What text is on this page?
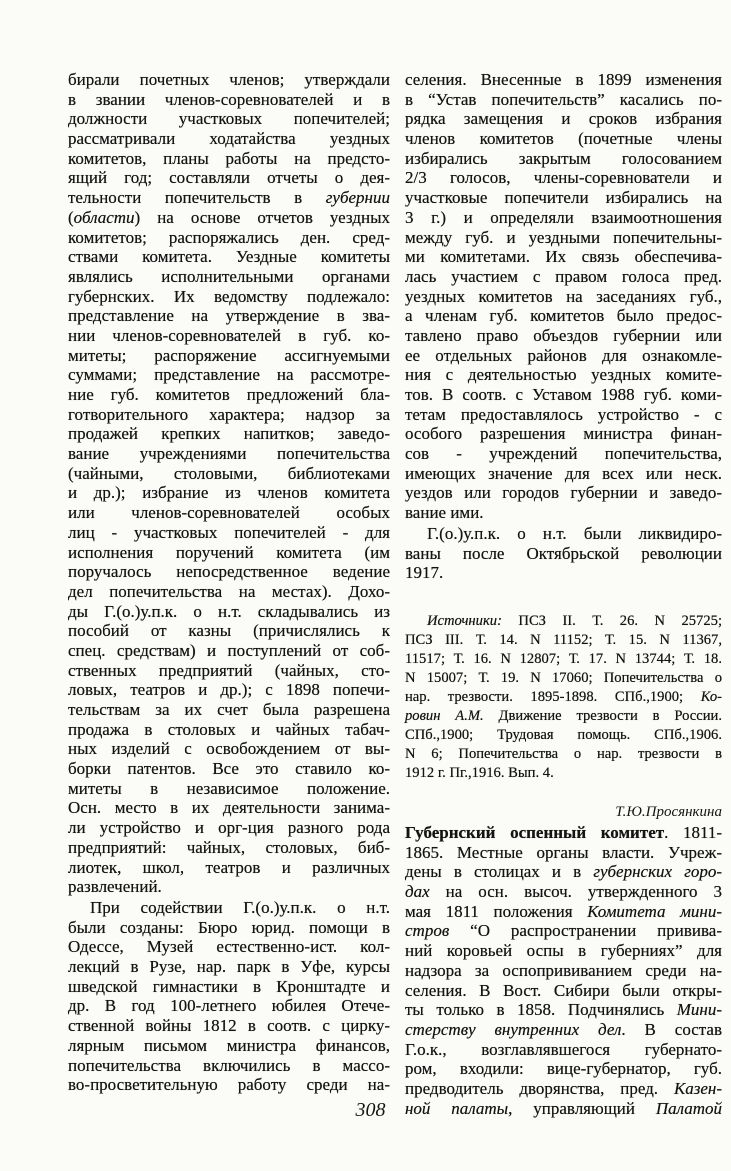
бирали почетных членов; утверждали
в звании членов-соревнователей и в
должности участковых попечителей;
рассматривали ходатайства уездных
комитетов, планы работы на предсто-
ящий год; составляли отчеты о дея-
тельности попечительств в губернии
(области) на основе отчетов уездных
комитетов; распоряжались ден. сред-
ствами комитета. Уездные комитеты
являлись исполнительными органами
губернских. Их ведомству подлежало:
представление на утверждение в зва-
нии членов-соревнователей в губ. ко-
митеты; распоряжение ассигнуемыми
суммами; представление на рассмотре-
ние губ. комитетов предложений бла-
готворительного характера; надзор за
продажей крепких напитков; заведо-
вание учреждениями попечительства
(чайными, столовыми, библиотеками
и др.); избрание из членов комитета
или членов-соревнователей особых
лиц - участковых попечителей - для
исполнения поручений комитета (им
поручалось непосредственное ведение
дел попечительства на местах). Дохо-
ды Г.(о.)у.п.к. о н.т. складывались из
пособий от казны (причислялись к
спец. средствам) и поступлений от соб-
ственных предприятий (чайных, сто-
ловых, театров и др.); с 1898 попечи-
тельствам за их счет была разрешена
продажа в столовых и чайных табач-
ных изделий с освобождением от вы-
борки патентов. Все это ставило ко-
митеты в независимое положение.
Осн. место в их деятельности занима-
ли устройство и орг-ция разного рода
предприятий: чайных, столовых, биб-
лиотек, школ, театров и различных
развлечений.
При содействии Г.(о.)у.п.к. о н.т.
были созданы: Бюро юрид. помощи в
Одессе, Музей естественно-ист. кол-
лекций в Рузе, нар. парк в Уфе, курсы
шведской гимнастики в Кронштадте и
др. В год 100-летнего юбилея Отече-
ственной войны 1812 в соотв. с цирку-
лярным письмом министра финансов,
попечительства включились в массо-
во-просветительную работу среди на-
селения. Внесенные в 1899 изменения
в “Устав попечительств” касались по-
рядка замещения и сроков избрания
членов комитетов (почетные члены
избирались закрытым голосованием
2/3 голосов, члены-соревнователи и
участковые попечители избирались на
3 г.) и определяли взаимоотношения
между губ. и уездными попечительны-
ми комитетами. Их связь обеспечива-
лась участием с правом голоса пред.
уездных комитетов на заседаниях губ.,
а членам губ. комитетов было предос-
тавлено право объездов губернии или
ее отдельных районов для ознакомле-
ния с деятельностью уездных комите-
тов. В соотв. с Уставом 1988 губ. коми-
тетам предоставлялось устройство - с
особого разрешения министра финан-
сов - учреждений попечительства,
имеющих значение для всех или неск.
уездов или городов губернии и заведо-
вание ими.
Г.(о.)у.п.к. о н.т. были ликвидиро-
ваны после Октябрьской революции
1917.
Источники: ПСЗ II. Т. 26. N 25725;
ПСЗ III. Т. 14. N 11152; Т. 15. N 11367,
11517; Т. 16. N 12807; Т. 17. N 13744; Т. 18.
N 15007; Т. 19. N 17060; Попечительства о
нар. трезвости. 1895-1898. СПб.,1900; Ко-
ровин А.М. Движение трезвости в России.
СПб.,1900; Трудовая помощь. СПб.,1906.
N 6; Попечительства о нар. трезвости в
1912 г. Пг.,1916. Вып. 4.
Губернский оспенный комитет. 1811-
1865. Местные органы власти. Учреж-
дены в столицах и в губернских горо-
дах на осн. высоч. утвержденного 3
мая 1811 положения Комитета мини-
стров “О распространении привива-
ний коровьей оспы в губерниях” для
надзора за оспопрививанием среди на-
селения. В Вост. Сибири были откры-
ты только в 1858. Подчинялись Мини-
стерству внутренних дел. В состав
Г.о.к., возглавлявшегося губернато-
ром, входили: вице-губернатор, губ.
предводитель дворянства, пред. Казен-
ной палаты, управляющий Палатой
Т.Ю.Просянкина
308
